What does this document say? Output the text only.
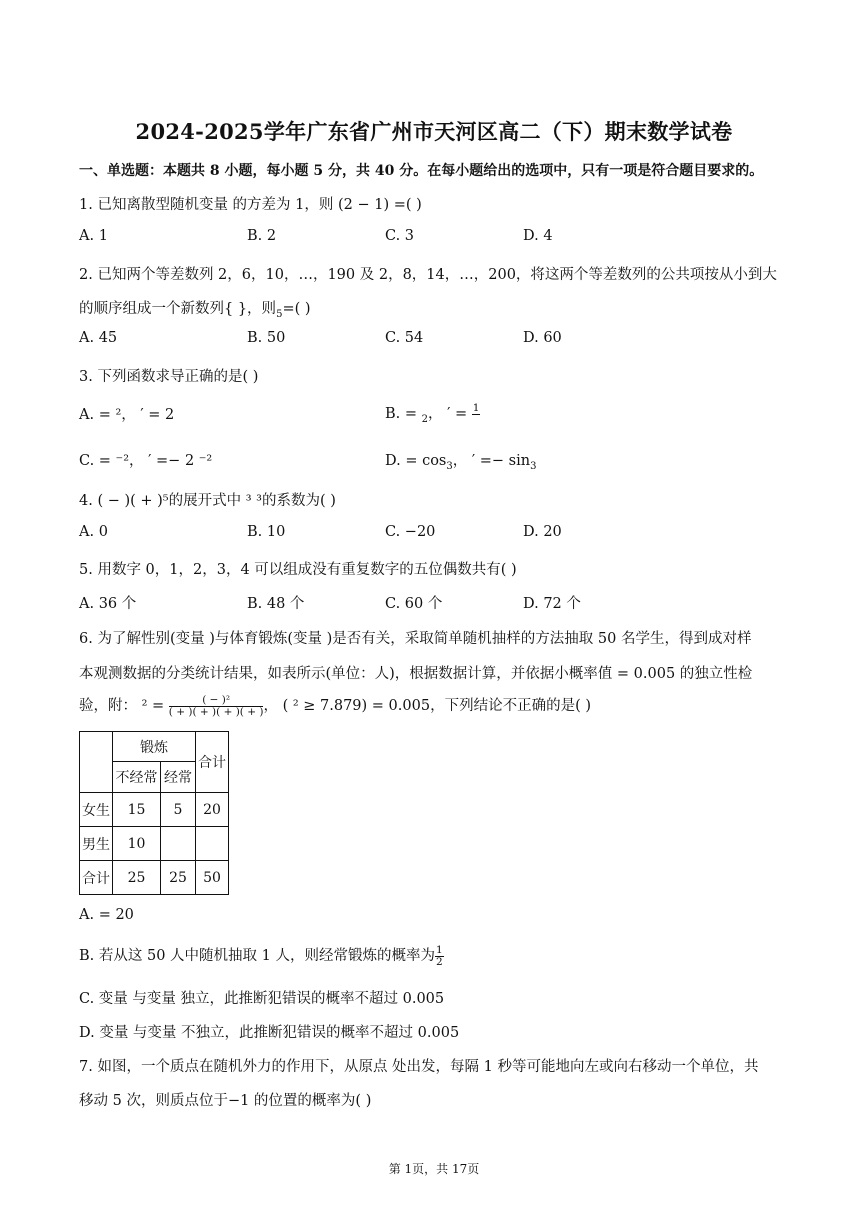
2024-2025学年广东省广州市天河区高二（下）期末数学试卷
一、单选题：本题共 8 小题，每小题 5 分，共 40 分。在每小题给出的选项中，只有一项是符合题目要求的。
1. 已知离散型随机变量 的方差为 1，则 (2 − 1) =( )
A. 1	B. 2	C. 3	D. 4
2. 已知两个等差数列 2，6，10，…，190 及 2，8，14，…，200，将这两个等差数列的公共项按从小到大
的顺序组成一个新数列{ }，则$_5$=( )
A. 45	B. 50	C. 54	D. 60
3. 下列函数求导正确的是( )
A. = ²， ′ = 2	B. = $_2$， ′ = 1

C. = ⁻²， ′ =− 2 ⁻²	D. = $\cos_3$， ′ =− $\sin_3$
4. ( − )( + )⁵的展开式中 ³ ³的系数为( )
A. 0	B. 10	C. −20	D. 20
5. 用数字 0，1，2，3，4 可以组成没有重复数字的五位偶数共有( )
A. 36 个	B. 48 个	C. 60 个	D. 72 个
6. 为了解性别(变量 )与体育锻炼(变量 )是否有关，采取简单随机抽样的方法抽取 50 名学生，得到成对样
本观测数据的分类统计结果，如表所示(单位：人)，根据数据计算，并依据小概率值 = 0.005 的独立性检
验，附： $^2 = \frac{\text{( − )²}}{( + )( + )( + )( + )}$ ， ( ² ≥ 7.879) = 0.005，下列结论不正确的是( )
	锻炼		合计
	不经常	经常	
女生	15	5	20
男生	10		
合计	25	25	50
A. = 20
B. 若从这 50 人中随机抽取 1 人，则经常锻炼的概率为 $\frac{1}{2}$
C. 变量 与变量 独立，此推断犯错误的概率不超过 0.005
D. 变量 与变量 不独立，此推断犯错误的概率不超过 0.005
7. 如图，一个质点在随机外力的作用下，从原点 处出发，每隔 1 秒等可能地向左或向右移动一个单位，共
移动 5 次，则质点位于−1 的位置的概率为( )
第 1页，共 17页
